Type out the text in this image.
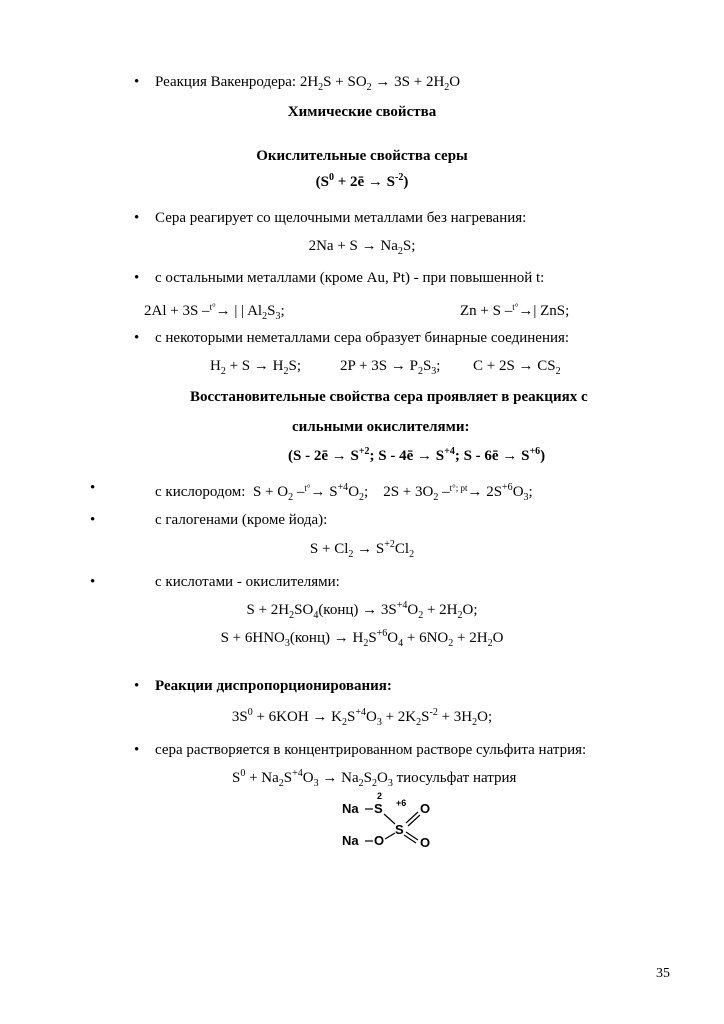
• Реакция Вакенродера: $2H_2S + SO_2 \to 3S + 2H_2O$
Химические свойства
Окислительные свойства серы
($S^0$ + 2ē → $S^{-2}$)
• Сера реагирует со щелочными металлами без нагревания:
$2Na + S \to Na_2S$;
• с остальными металлами (кроме Au, Pt) - при повышенной t:
2Al + 3S –$^{t^\circ}$→ | | $Al_2S_3$;	Zn + S –$^{t^\circ}$→| ZnS;
• с некоторыми неметаллами сера образует бинарные соединения:
$H_2 + S \to H_2S$;	$2P + 3S \to P_2S_3$; $C + 2S \to CS_2$
Восстановительные свойства сера проявляет в реакциях с
сильными окислителями:
(S - 2ē → $S^{+2}$; S - 4ē → $S^{+4}$; S - 6ē → $S^{+6}$)
•	с кислородом: $S + O_2$ $-^{t^\circ}\to S^{+4}O_2$; $2S + 3O_2$ $-^{t^\circ; pt}\to 2S^{+6}O_3$;
•	с галогенами (кроме йода):
$S + Cl_2 \to S^{+2}Cl_2$
•	с кислотами - окислителями:
$S + 2H_2SO_4(конц) \to 3S^{+4}O_2 + 2H_2O$;
$S + 6HNO_3(конц) \to H_2S^{+6}O_4 + 6NO_2 + 2H_2O$
• Реакции диспропорционирования:
$3S^0 + 6KOH \to K_2S^{+4}O_3 + 2K_2S^{-2} + 3H_2O$;
• сера растворяется в концентрированном растворе сульфита натрия:
$S^0 + Na_2S^{+4}O_3 \to Na_2S_2O_3$ тиосульфат натрия
Na S
2
+6
S
O
O
Na O
35
